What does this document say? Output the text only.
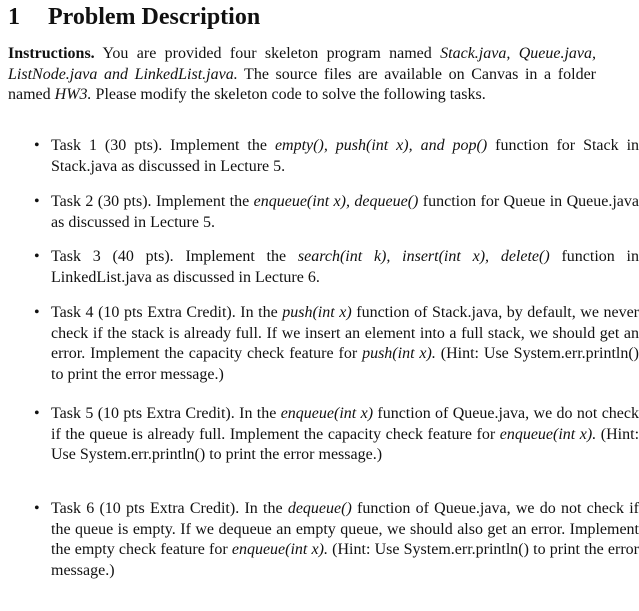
1 Problem Description

Instructions. You are provided four skeleton program named Stack.java, Queue.java, ListNode.java and LinkedList.java. The source files are available on Canvas in a folder named HW3. Please modify the skeleton code to solve the following tasks.

• Task 1 (30 pts). Implement the empty(), push(int x), and pop() function for Stack in Stack.java as discussed in Lecture 5.
• Task 2 (30 pts). Implement the enqueue(int x), dequeue() function for Queue in Queue.java as discussed in Lecture 5.
• Task 3 (40 pts). Implement the search(int k), insert(int x), delete() function in LinkedList.java as discussed in Lecture 6.
• Task 4 (10 pts Extra Credit). In the push(int x) function of Stack.java, by default, we never check if the stack is already full. If we insert an element into a full stack, we should get an error. Implement the capacity check feature for push(int x). (Hint: Use System.err.println() to print the error message.)
• Task 5 (10 pts Extra Credit). In the enqueue(int x) function of Queue.java, we do not check if the queue is already full. Implement the capacity check feature for enqueue(int x). (Hint: Use System.err.println() to print the error message.)
• Task 6 (10 pts Extra Credit). In the dequeue() function of Queue.java, we do not check if the queue is empty. If we dequeue an empty queue, we should also get an error. Implement the empty check feature for enqueue(int x). (Hint: Use System.err.println() to print the error message.)
